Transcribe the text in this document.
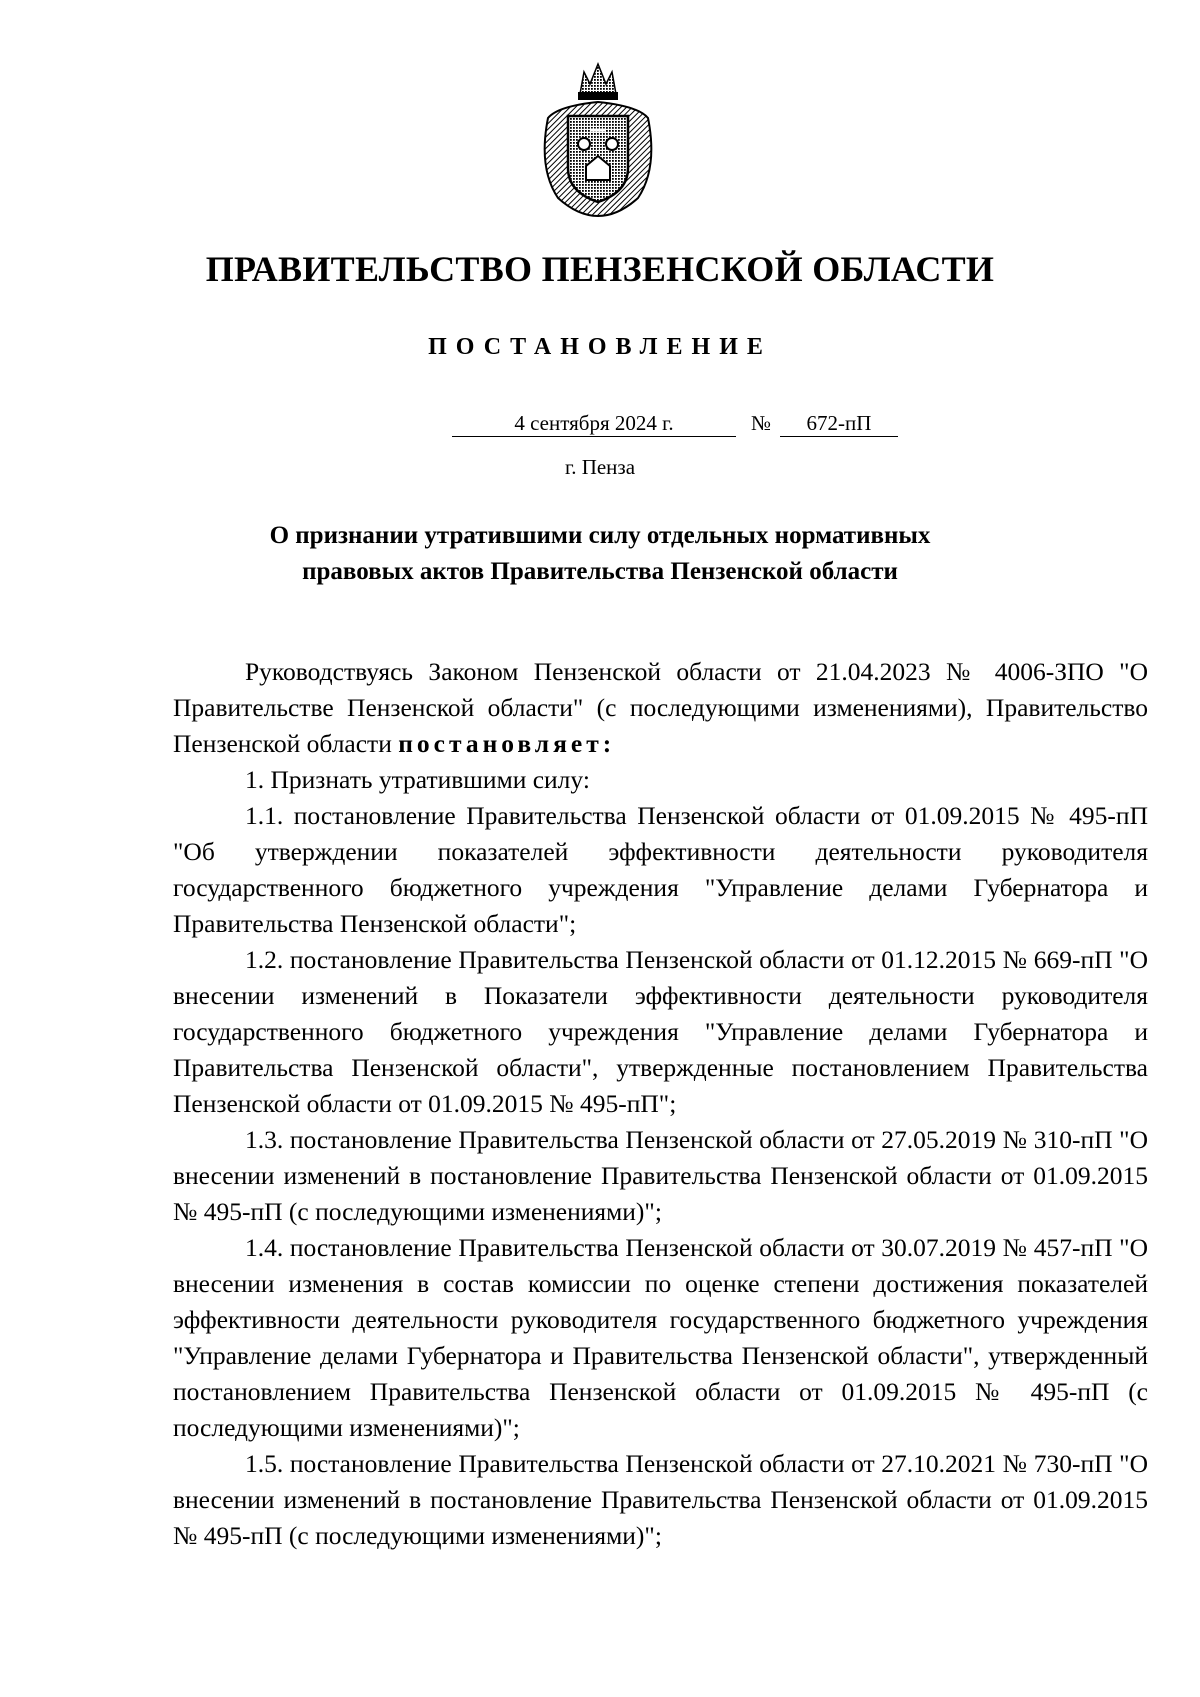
ПРАВИТЕЛЬСТВО ПЕНЗЕНСКОЙ ОБЛАСТИ
ПОСТАНОВЛЕНИЕ
4 сентября 2024 г.	№	672-пП
г. Пенза
О признании утратившими силу отдельных нормативных
правовых актов Правительства Пензенской области

Руководствуясь Законом Пензенской области от 21.04.2023 № 4006-ЗПО "О Правительстве Пензенской области" (с последующими изменениями), Правительство Пензенской области постановляет:

1. Признать утратившими силу:

1.1. постановление Правительства Пензенской области от 01.09.2015 № 495-пП "Об утверждении показателей эффективности деятельности руководителя государственного бюджетного учреждения "Управление делами Губернатора и Правительства Пензенской области";

1.2. постановление Правительства Пензенской области от 01.12.2015 № 669-пП "О внесении изменений в Показатели эффективности деятельности руководителя государственного бюджетного учреждения "Управление делами Губернатора и Правительства Пензенской области", утвержденные постановлением Правительства Пензенской области от 01.09.2015 № 495-пП";

1.3. постановление Правительства Пензенской области от 27.05.2019 № 310-пП "О внесении изменений в постановление Правительства Пензенской области от 01.09.2015 № 495-пП (с последующими изменениями)";

1.4. постановление Правительства Пензенской области от 30.07.2019 № 457-пП "О внесении изменения в состав комиссии по оценке степени достижения показателей эффективности деятельности руководителя государственного бюджетного учреждения "Управление делами Губернатора и Правительства Пензенской области", утвержденный постановлением Правительства Пензенской области от 01.09.2015 № 495-пП (с последующими изменениями)";

1.5. постановление Правительства Пензенской области от 27.10.2021 № 730-пП "О внесении изменений в постановление Правительства Пензенской области от 01.09.2015 № 495-пП (с последующими изменениями)";
